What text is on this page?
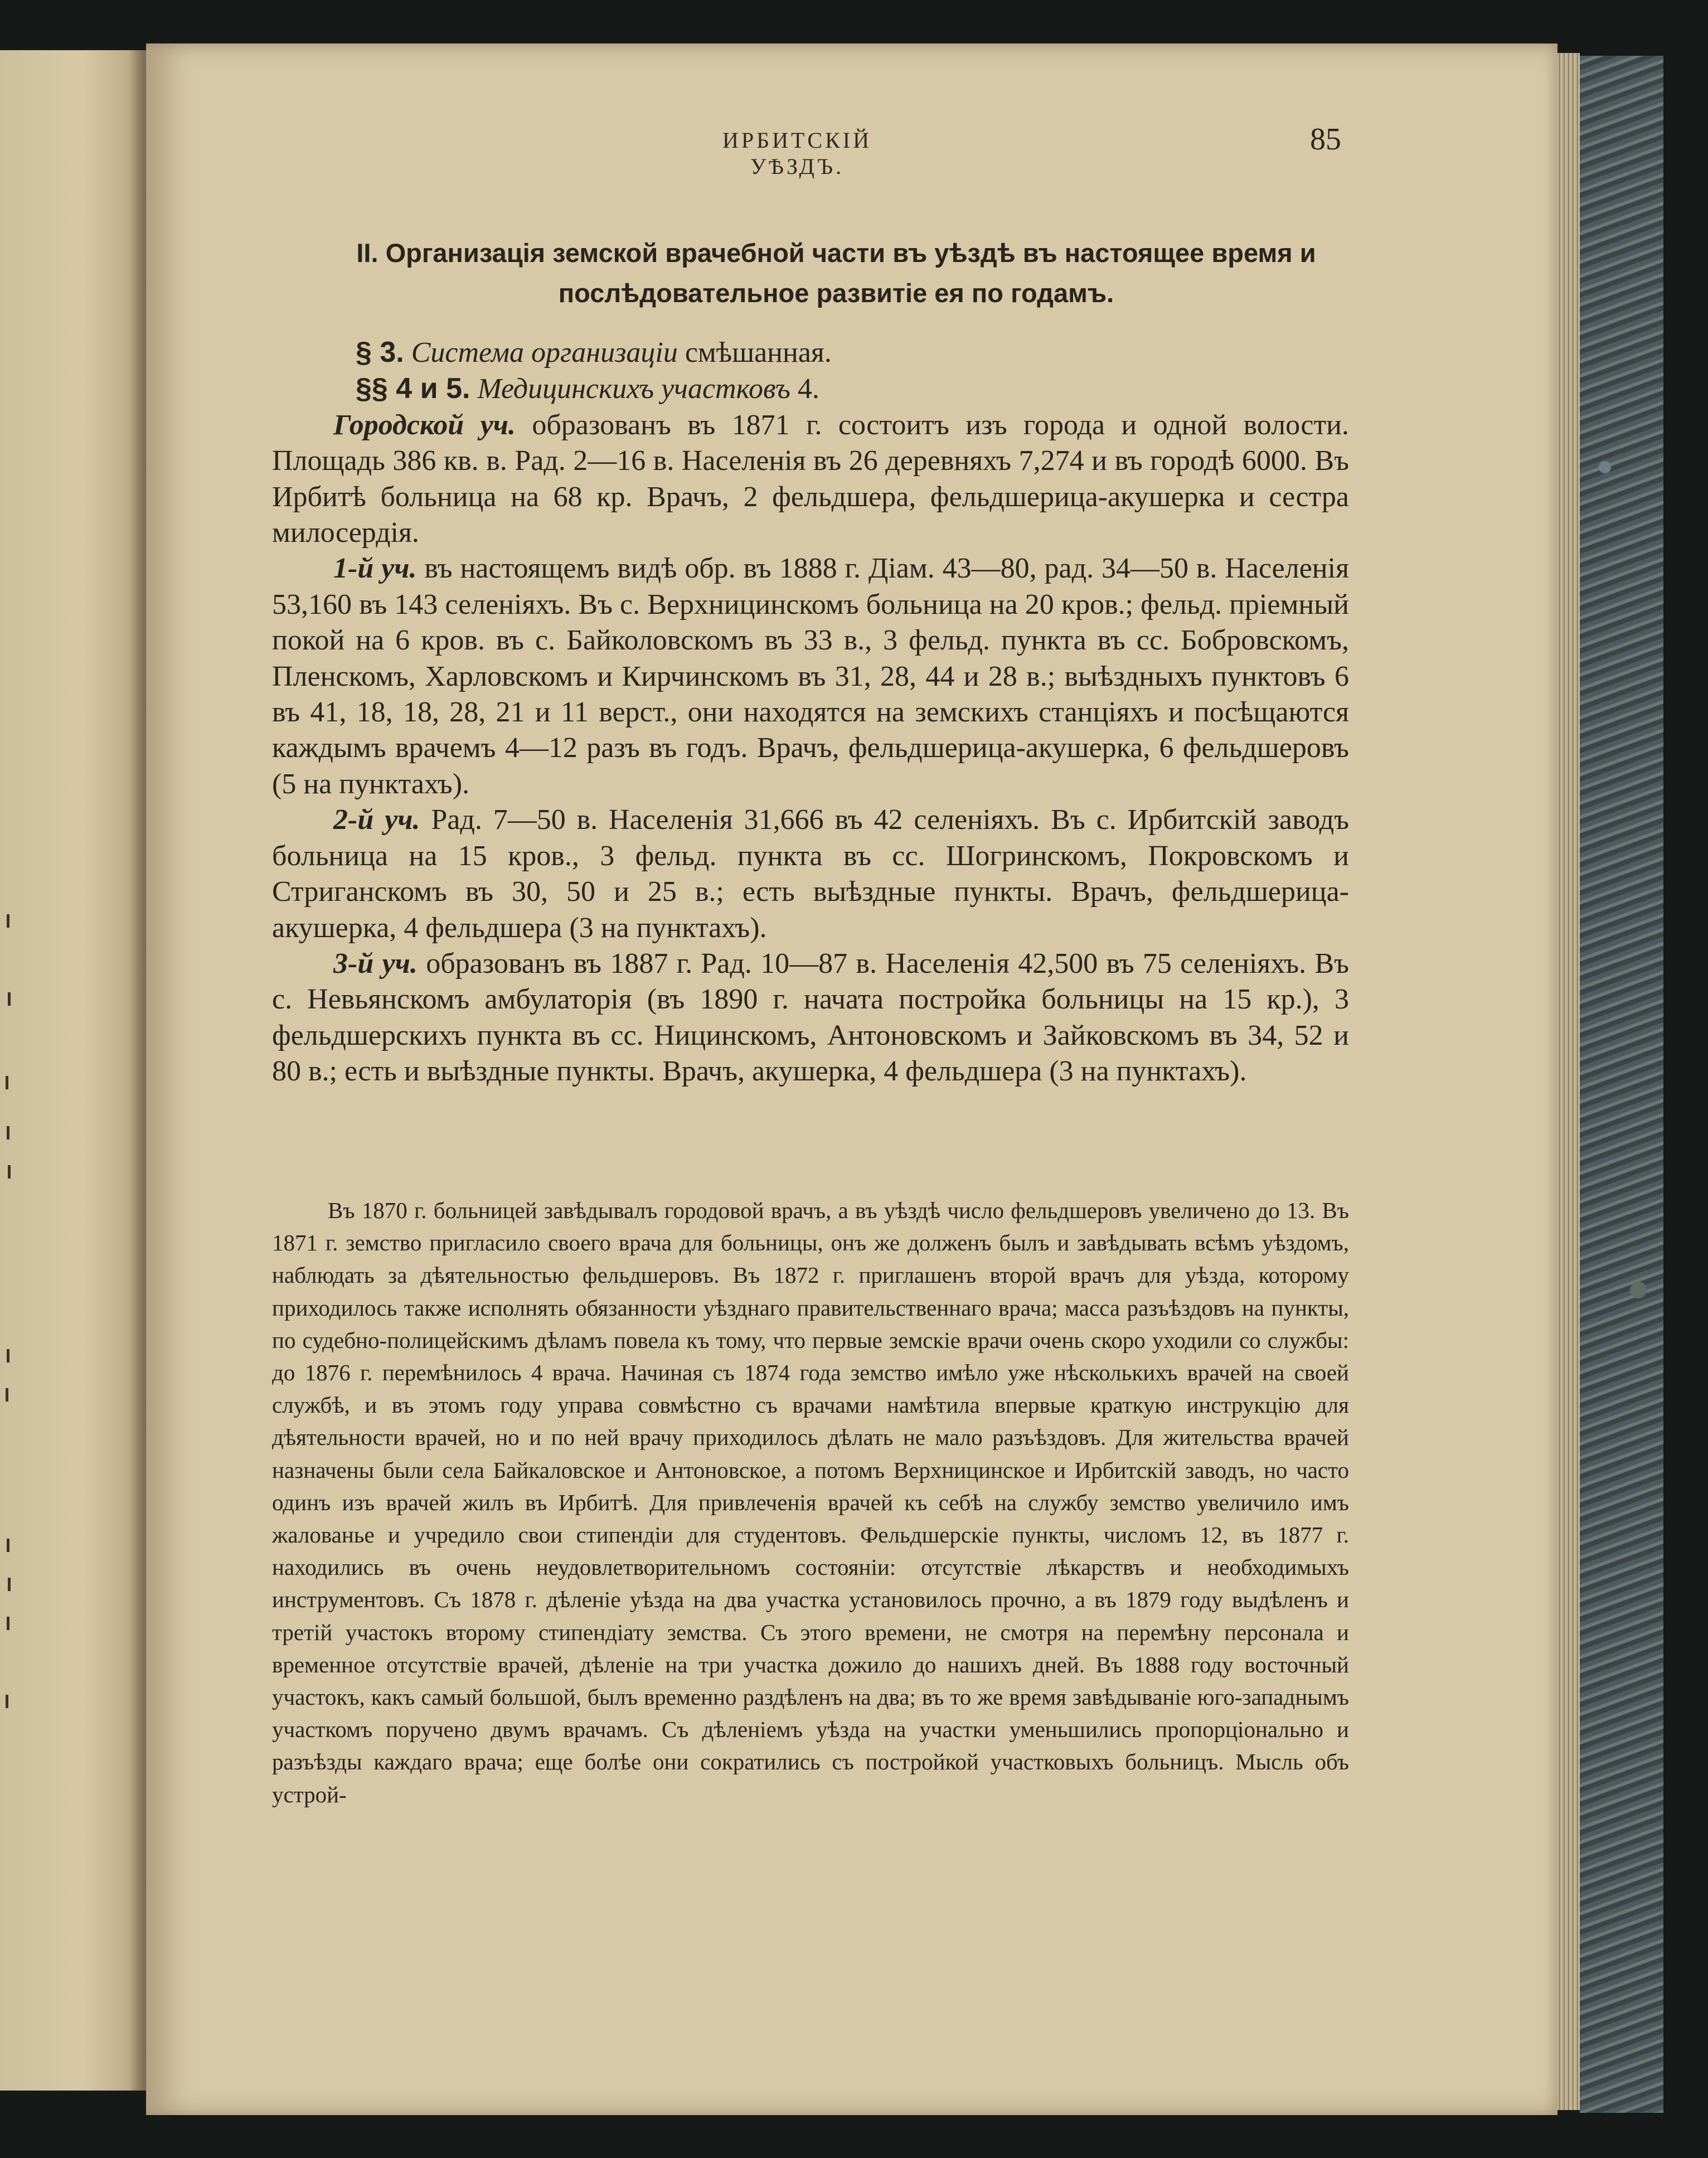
ИРБИТСКІЙ УѢЗДЪ.
85
II. Организація земской врачебной части въ уѣздѣ въ настоящее время и
послѣдовательное развитіе ея по годамъ.

§ 3. Система организаціи смѣшанная.

§§ 4 и 5. Медицинскихъ участковъ 4.

Городской уч. образованъ въ 1871 г. состоитъ изъ города и одной волости. Площадь 386 кв. в. Рад. 2—16 в. Населенія въ 26 деревняхъ 7,274 и въ городѣ 6000. Въ Ирбитѣ больница на 68 кр. Врачъ, 2 фельдшера, фельдшерица-акушерка и сестра милосердія.

1-й уч. въ настоящемъ видѣ обр. въ 1888 г. Діам. 43—80, рад. 34—50 в. Населенія 53,160 въ 143 селеніяхъ. Въ с. Верхницинскомъ больница на 20 кров.; фельд. пріемный покой на 6 кров. въ с. Байколовскомъ въ 33 в., 3 фельд. пункта въ сс. Бобровскомъ, Пленскомъ, Харловскомъ и Кирчинскомъ въ 31, 28, 44 и 28 в.; выѣздныхъ пунктовъ 6 въ 41, 18, 18, 28, 21 и 11 верст., они находятся на земскихъ станціяхъ и посѣщаются каждымъ врачемъ 4—12 разъ въ годъ. Врачъ, фельдшерица-акушерка, 6 фельдшеровъ (5 на пунктахъ).

2-й уч. Рад. 7—50 в. Населенія 31,666 въ 42 селеніяхъ. Въ с. Ирбитскій заводъ больница на 15 кров., 3 фельд. пункта въ сс. Шогринскомъ, Покровскомъ и Стриганскомъ въ 30, 50 и 25 в.; есть выѣздные пункты. Врачъ, фельдшерица-акушерка, 4 фельдшера (3 на пунктахъ).

3-й уч. образованъ въ 1887 г. Рад. 10—87 в. Населенія 42,500 въ 75 селеніяхъ. Въ с. Невьянскомъ амбулаторія (въ 1890 г. начата постройка больницы на 15 кр.), 3 фельдшерскихъ пункта въ сс. Ницинскомъ, Антоновскомъ и Зайковскомъ въ 34, 52 и 80 в.; есть и выѣздные пункты. Врачъ, акушерка, 4 фельдшера (3 на пунктахъ).

Въ 1870 г. больницей завѣдывалъ городовой врачъ, а въ уѣздѣ число фельдшеровъ увеличено до 13. Въ 1871 г. земство пригласило своего врача для больницы, онъ же долженъ былъ и завѣдывать всѣмъ уѣздомъ, наблюдать за дѣятельностью фельдшеровъ. Въ 1872 г. приглашенъ второй врачъ для уѣзда, которому приходилось также исполнять обязанности уѣзднаго правительственнаго врача; масса разъѣздовъ на пункты, по судебно-полицейскимъ дѣламъ повела къ тому, что первые земскіе врачи очень скоро уходили со службы: до 1876 г. перемѣнилось 4 врача. Начиная съ 1874 года земство имѣло уже нѣсколькихъ врачей на своей службѣ, и въ этомъ году управа совмѣстно съ врачами намѣтила впервые краткую инструкцію для дѣятельности врачей, но и по ней врачу приходилось дѣлать не мало разъѣздовъ. Для жительства врачей назначены были села Байкаловское и Антоновское, а потомъ Верхницинское и Ирбитскій заводъ, но часто одинъ изъ врачей жилъ въ Ирбитѣ. Для привлеченія врачей къ себѣ на службу земство увеличило имъ жалованье и учредило свои стипендіи для студентовъ. Фельдшерскіе пункты, числомъ 12, въ 1877 г. находились въ очень неудовлетворительномъ состояніи: отсутствіе лѣкарствъ и необходимыхъ инструментовъ. Съ 1878 г. дѣленіе уѣзда на два участка установилось прочно, а въ 1879 году выдѣленъ и третій участокъ второму стипендіату земства. Съ этого времени, не смотря на перемѣну персонала и временное отсутствіе врачей, дѣленіе на три участка дожило до нашихъ дней. Въ 1888 году восточный участокъ, какъ самый большой, былъ временно раздѣленъ на два; въ то же время завѣдываніе юго-западнымъ участкомъ поручено двумъ врачамъ. Съ дѣленіемъ уѣзда на участки уменьшились пропорціонально и разъѣзды каждаго врача; еще болѣе они сократились съ постройкой участковыхъ больницъ. Мысль объ устрой-
